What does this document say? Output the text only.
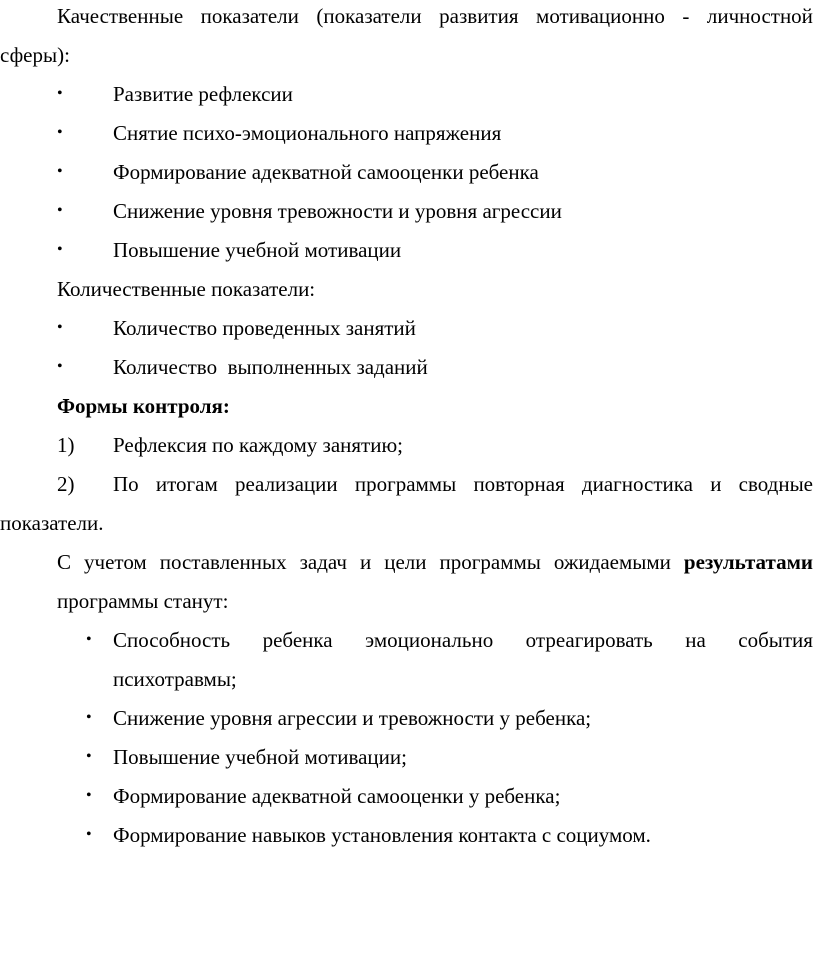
Качественные показатели (показатели развития мотивационно - личностной
сферы):
• Развитие рефлексии
• Снятие психо-эмоционального напряжения
• Формирование адекватной самооценки ребенка
• Снижение уровня тревожности и уровня агрессии
• Повышение учебной мотивации
Количественные показатели:
• Количество проведенных занятий
• Количество  выполненных заданий
Формы контроля:
1) Рефлексия по каждому занятию;
2) По итогам реализации программы повторная диагностика и сводные
показатели.
С учетом поставленных задач и цели программы ожидаемыми результатами
программы станут:
• Способность ребенка эмоционально отреагировать на события
психотравмы;
• Снижение уровня агрессии и тревожности у ребенка;
• Повышение учебной мотивации;
• Формирование адекватной самооценки у ребенка;
• Формирование навыков установления контакта с социумом.
